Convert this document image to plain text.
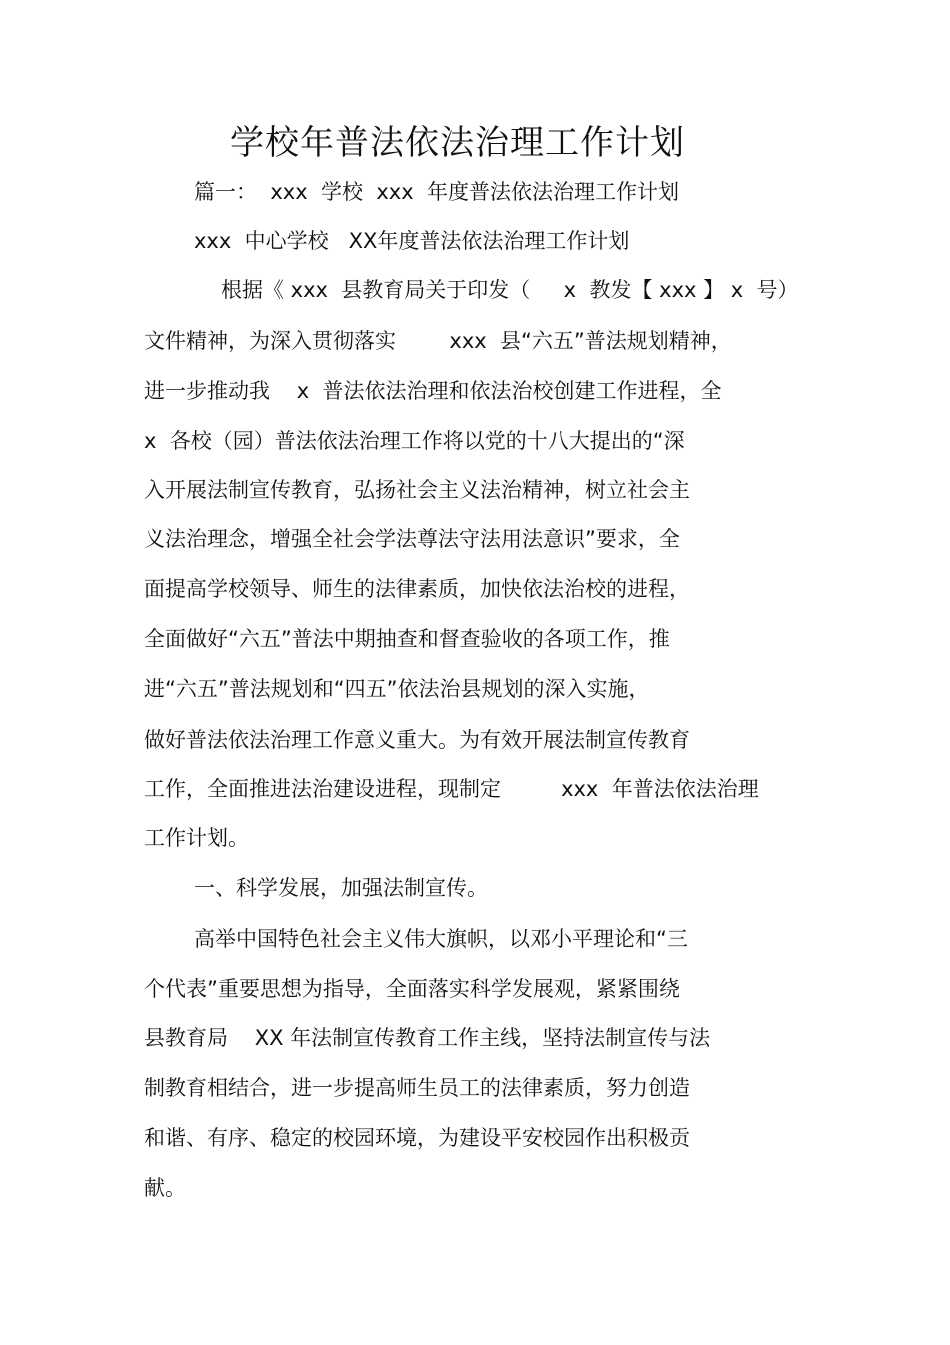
学校年普法依法治理工作计划
篇一：  xxx  学校  xxx  年度普法依法治理工作计划
xxx  中心学校   XX年度普法依法治理工作计划
根据《 xxx  县教育局关于印发（     x  教发【 xxx 】 x  号）
文件精神，为深入贯彻落实        xxx  县“六五”普法规划精神，
进一步推动我    x  普法依法治理和依法治校创建工作进程，全
x  各校（园）普法依法治理工作将以党的十八大提出的“深
入开展法制宣传教育，弘扬社会主义法治精神，树立社会主
义法治理念，增强全社会学法尊法守法用法意识”要求，全
面提高学校领导、师生的法律素质，加快依法治校的进程，
全面做好“六五”普法中期抽查和督查验收的各项工作，推
进“六五”普法规划和“四五”依法治县规划的深入实施，
做好普法依法治理工作意义重大。为有效开展法制宣传教育
工作，全面推进法治建设进程，现制定         xxx  年普法依法治理
工作计划。
一、科学发展，加强法制宣传。
高举中国特色社会主义伟大旗帜，以邓小平理论和“三
个代表”重要思想为指导，全面落实科学发展观，紧紧围绕
县教育局    XX 年法制宣传教育工作主线，坚持法制宣传与法
制教育相结合，进一步提高师生员工的法律素质，努力创造
和谐、有序、稳定的校园环境，为建设平安校园作出积极贡
献。
